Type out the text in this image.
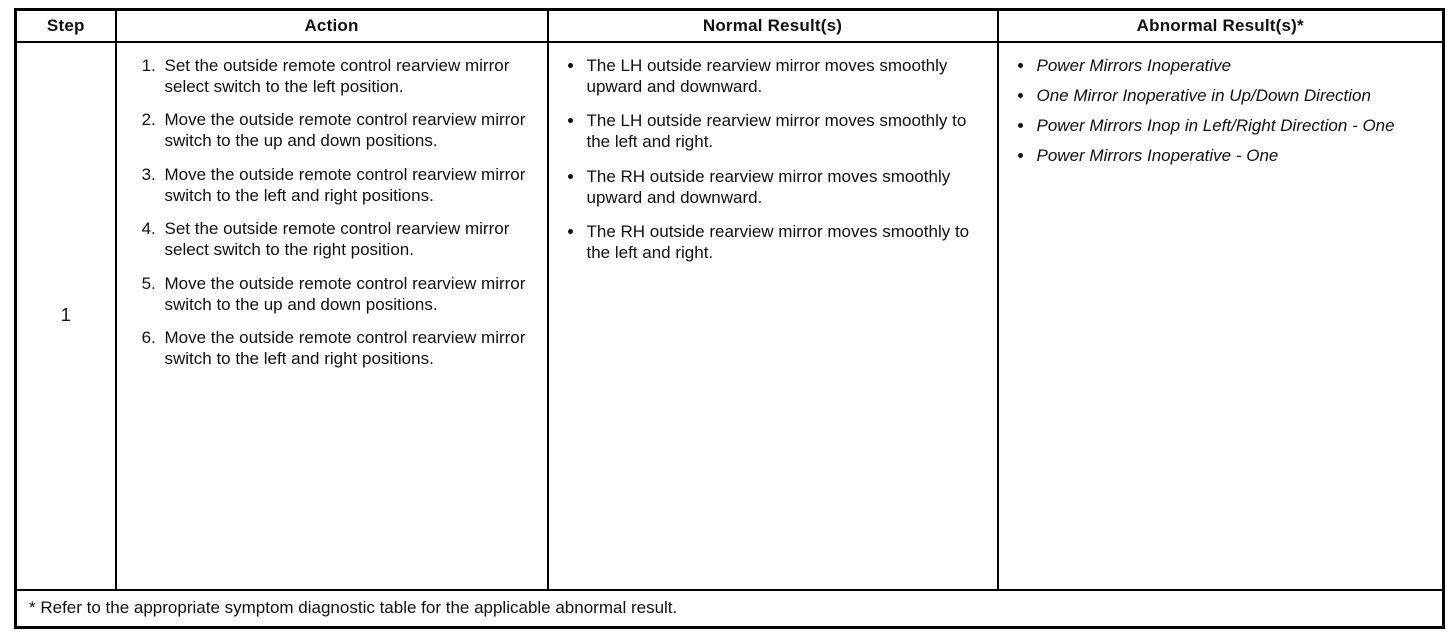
Step	Action	Normal Result(s)	Abnormal Result(s)*
1	
1. Set the outside remote control rearview mirror select switch to the left position.
2. Move the outside remote control rearview mirror switch to the up and down positions.
3. Move the outside remote control rearview mirror switch to the left and right positions.
4. Set the outside remote control rearview mirror select switch to the right position.
5. Move the outside remote control rearview mirror switch to the up and down positions.
6. Move the outside remote control rearview mirror switch to the left and right positions.

• The LH outside rearview mirror moves smoothly upward and downward.
• The LH outside rearview mirror moves smoothly to the left and right.
• The RH outside rearview mirror moves smoothly upward and downward.
• The RH outside rearview mirror moves smoothly to the left and right.

• Power Mirrors Inoperative
• One Mirror Inoperative in Up/Down Direction
• Power Mirrors Inop in Left/Right Direction - One
• Power Mirrors Inoperative - One

* Refer to the appropriate symptom diagnostic table for the applicable abnormal result.			
